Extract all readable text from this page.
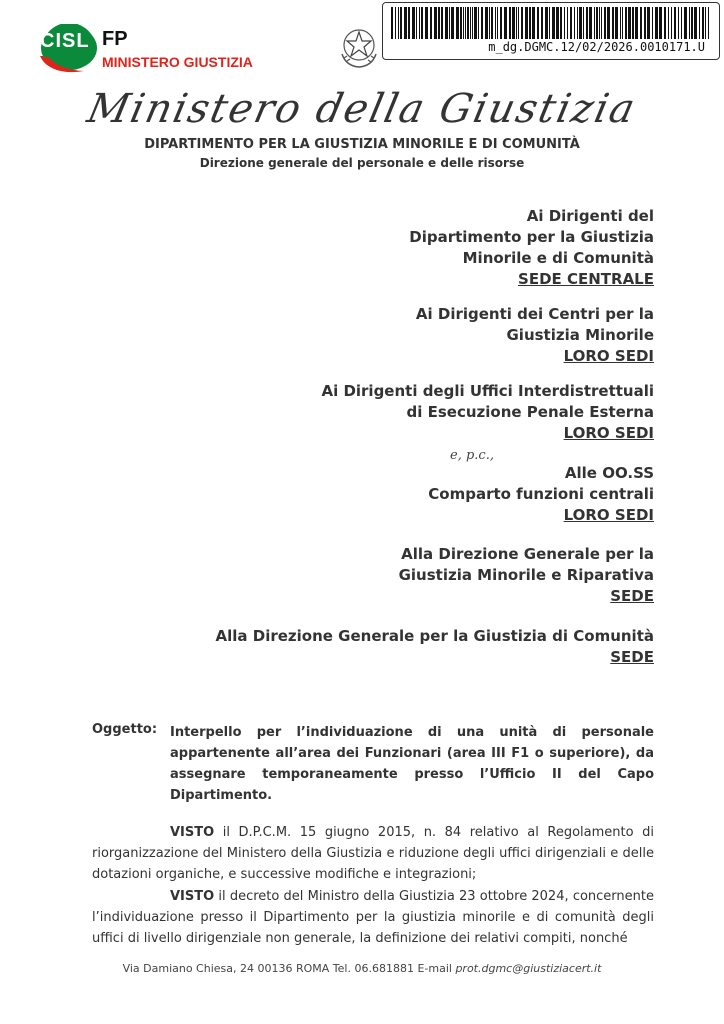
CISL FP
MINISTERO GIUSTIZIA
m_dg.DGMC.12/02/2026.0010171.U
Ministero della Giustizia
DIPARTIMENTO PER LA GIUSTIZIA MINORILE E DI COMUNITÀ
Direzione generale del personale e delle risorse
Ai Dirigenti del
Dipartimento per la Giustizia
Minorile e di Comunità
SEDE CENTRALE
Ai Dirigenti dei Centri per la
Giustizia Minorile
LORO SEDI
Ai Dirigenti degli Uffici Interdistrettuali
di Esecuzione Penale Esterna
LORO SEDI
e, p.c.,
Alle OO.SS
Comparto funzioni centrali
LORO SEDI
Alla Direzione Generale per la
Giustizia Minorile e Riparativa
SEDE
Alla Direzione Generale per la Giustizia di Comunità
SEDE
Oggetto: Interpello per l’individuazione di una unità di personale appartenente all’area dei Funzionari (area III F1 o superiore), da assegnare temporaneamente presso l’Ufficio II del Capo Dipartimento.
VISTO il D.P.C.M. 15 giugno 2015, n. 84 relativo al Regolamento di riorganizzazione del Ministero della Giustizia e riduzione degli uffici dirigenziali e delle dotazioni organiche, e successive modifiche e integrazioni;
VISTO il decreto del Ministro della Giustizia 23 ottobre 2024, concernente l’individuazione presso il Dipartimento per la giustizia minorile e di comunità degli uffici di livello dirigenziale non generale, la definizione dei relativi compiti, nonché
Via Damiano Chiesa, 24 00136 ROMA Tel. 06.681881 E-mail prot.dgmc@giustiziacert.it
